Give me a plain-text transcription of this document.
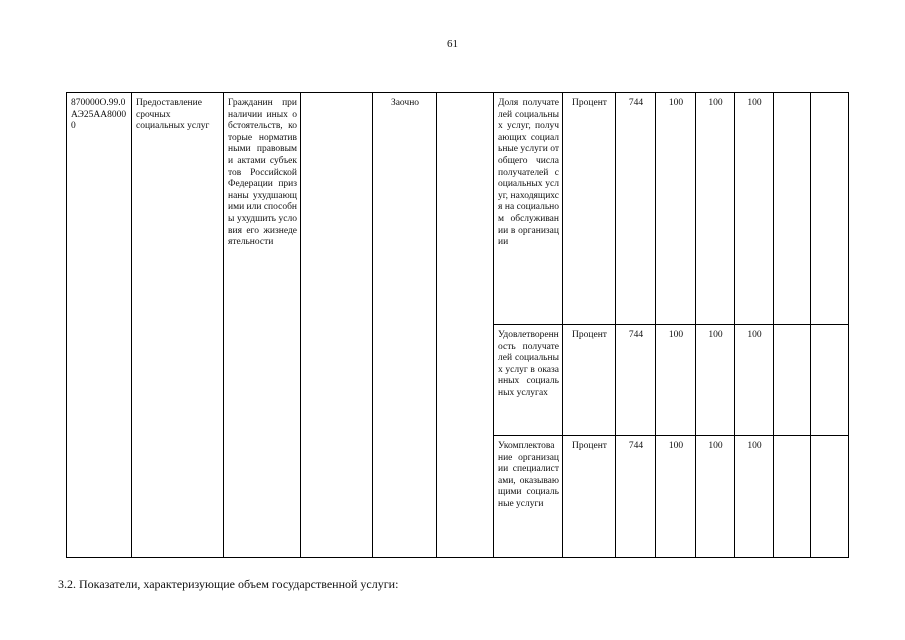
61
870000О.99.0 АЭ25АА80000	Предоставление срочных социальных услуг	Гражданин при наличии иных обстоятельств, которые нормативными правовыми актами субъектов Российской Федерации признаны ухудшающими или способны ухудшить условия его жизнедеятельности		Заочно		Доля получателей социальных услуг, получающих социальные услуги от общего числа получателей социальных услуг, находящихся на социальном обслуживании в организации	Процент	744	100	100	100		
						Удовлетворенность получателей социальных услуг в оказанных социальных услугах	Процент	744	100	100	100		
						Укомплектование организации специалистами, оказывающими социальные услуги	Процент	744	100	100	100		
3.2. Показатели, характеризующие объем государственной услуги:
